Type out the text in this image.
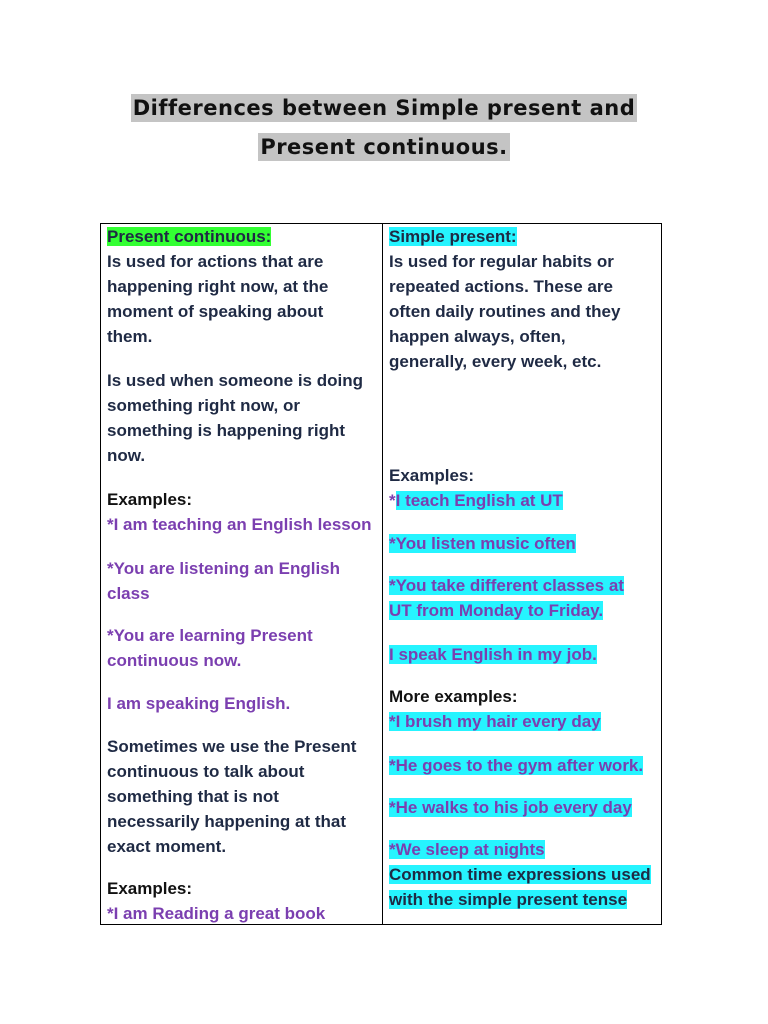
Differences between Simple present and
Present continuous.

Present continuous:

Is used for actions that are
happening right now, at the
moment of speaking about
them.

Is used when someone is doing
something right now, or
something is happening right
now.

Examples:

*I am teaching an English lesson

*You are listening an English
class

*You are learning Present
continuous now.

I am speaking English.

Sometimes we use the Present
continuous to talk about
something that is not
necessarily happening at that
exact moment.

Examples:

*I am Reading a great book

Simple present:

Is used for regular habits or
repeated actions. These are
often daily routines and they
happen always, often,
generally, every week, etc.

Examples:

*I teach English at UT

*You listen music often

*You take different classes at
UT from Monday to Friday.

I speak English in my job.

More examples:

*I brush my hair every day

*He goes to the gym after work.

*He walks to his job every day

*We sleep at nights

Common time expressions used
with the simple present tense
